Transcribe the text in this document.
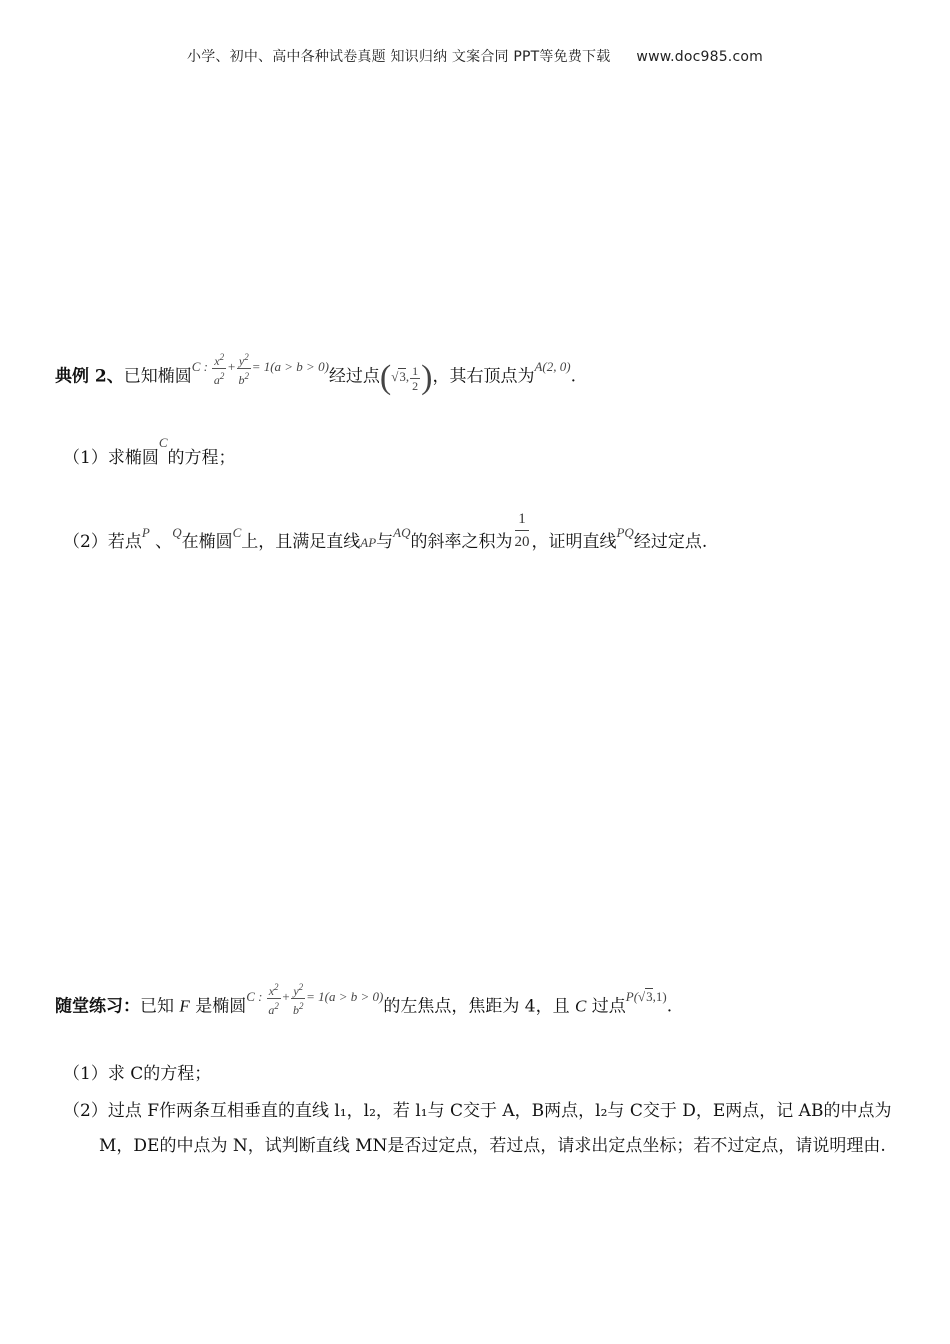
小学、初中、高中各种试卷真题 知识归纳 文案合同 PPT等免费下载 www.doc985.com
典例 2、已知椭圆$^{C : \frac{x^2}{a^2} + \frac{y^2}{b^2} = 1(a > b > 0)}$经过点(√3, $\frac{1}{2}$ )，其右顶点为$^{A(2, 0)}$.
（1）求椭圆$^C$的方程；
（2）若点$^P$ 、$^Q$在椭圆$^C$上，且满足直线AP与$^{AQ}$的斜率之积为 $\frac{1}{20}$ ，证明直线$^{PQ}$经过定点.
随堂练习：已知 F 是椭圆$^{C : \frac{x^2}{a^2} + \frac{y^2}{b^2} = 1(a > b > 0)}$的左焦点，焦距为 4，且 C 过点$^{P(√3,1)}$.
（1）求 C的方程；
（2）过点 F作两条互相垂直的直线 l₁，l₂，若 l₁与 C交于 A，B两点，l₂与 C交于 D，E两点，记 AB的中点为 M，DE的中点为 N，试判断直线 MN是否过定点，若过点，请求出定点坐标；若不过定点，请说明理由.
